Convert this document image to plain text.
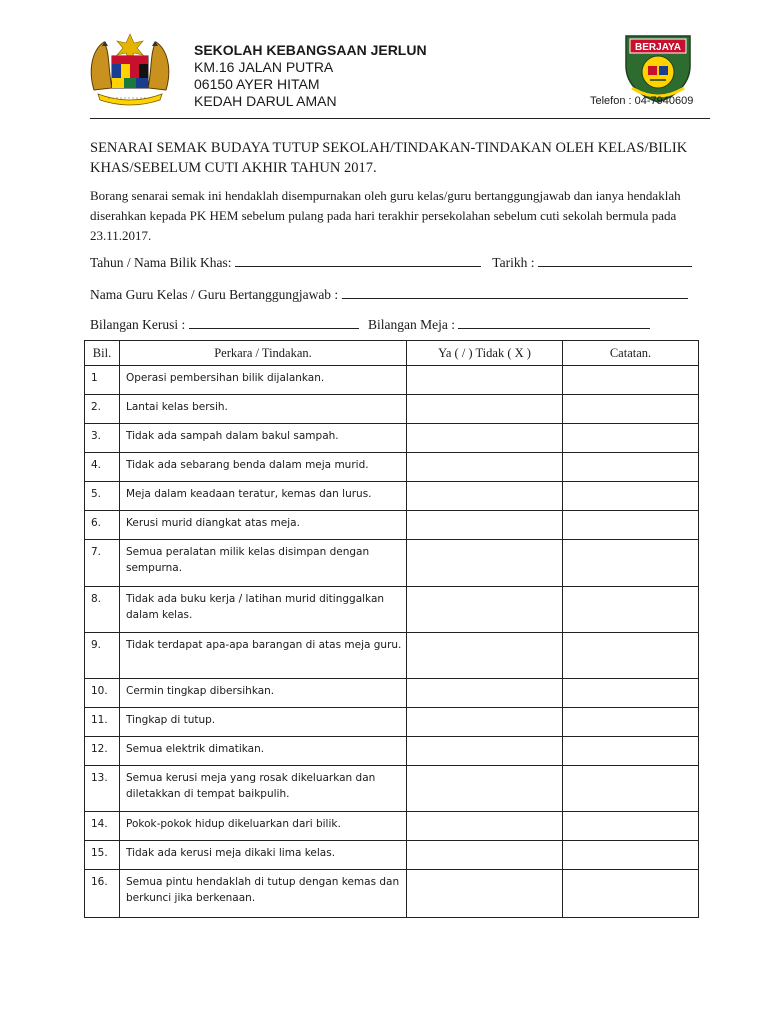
BERJAYA
SEKOLAH KEBANGSAAN JERLUN
KM.16 JALAN PUTRA
06150 AYER HITAM
KEDAH DARUL AMAN	Telefon : 04-7940609
SENARAI SEMAK BUDAYA TUTUP SEKOLAH/TINDAKAN-TINDAKAN OLEH KELAS/BILIK
KHAS/SEBELUM CUTI AKHIR TAHUN 2017.
Borang senarai semak ini hendaklah disempurnakan oleh guru kelas/guru bertanggungjawab dan ianya hendaklah diserahkan kepada PK HEM sebelum pulang pada hari terakhir persekolahan sebelum cuti sekolah bermula pada 23.11.2017.
Tahun / Nama Bilik Khas:	Tarikh :
Nama Guru Kelas / Guru Bertanggungjawab :
Bilangan Kerusi :	Bilangan Meja :
Bil.	Perkara / Tindakan.	Ya ( / ) Tidak ( X )	Catatan.
1	Operasi pembersihan bilik dijalankan.		
2.	Lantai kelas bersih.		
3.	Tidak ada sampah dalam bakul sampah.		
4.	Tidak ada sebarang benda dalam meja murid.		
5.	Meja dalam keadaan teratur, kemas dan lurus.		
6.	Kerusi murid diangkat atas meja.		
7.	Semua peralatan milik kelas disimpan dengan sempurna.		
8.	Tidak ada buku kerja / latihan murid ditinggalkan dalam kelas.		
9.	Tidak terdapat apa-apa barangan di atas meja guru.		
10.	Cermin tingkap dibersihkan.		
11.	Tingkap di tutup.		
12.	Semua elektrik dimatikan.		
13.	Semua kerusi meja yang rosak dikeluarkan dan diletakkan di tempat baikpulih.		
14.	Pokok-pokok hidup dikeluarkan dari bilik.		
15.	Tidak ada kerusi meja dikaki lima kelas.		
16.	Semua pintu hendaklah di tutup dengan kemas dan berkunci jika berkenaan.		
